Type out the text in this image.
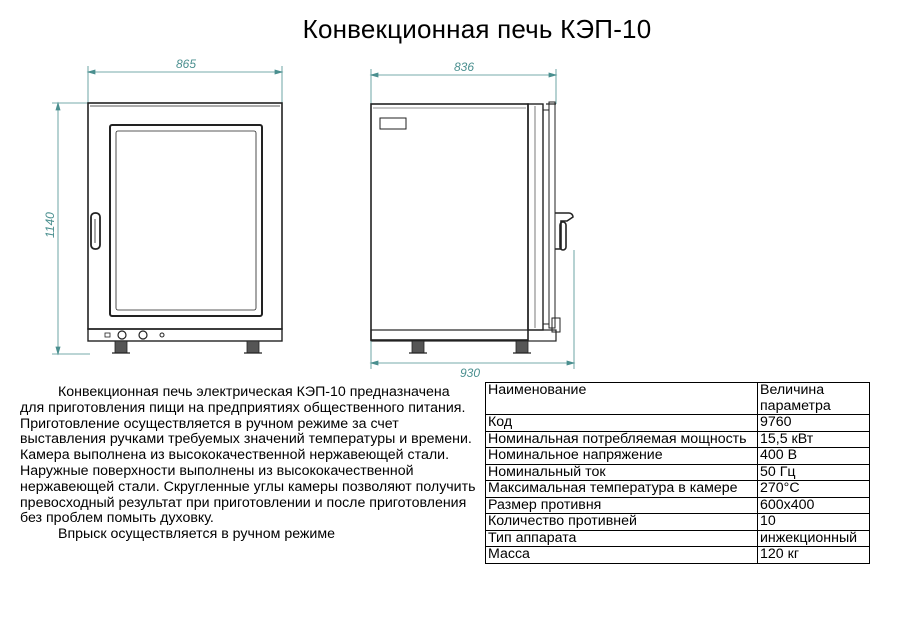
Конвекционная печь КЭП-10
865
1140
836
930

Конвекционная печь электрическая КЭП-10 предназначена для приготовления пищи на предприятиях общественного питания. Приготовление осуществляется в ручном режиме за счет выставления ручками требуемых значений температуры и времени. Камера выполнена из высококачественной нержавеющей стали. Наружные поверхности выполнены из высококачественной нержавеющей стали. Скругленные углы камеры позволяют получить превосходный результат при приготовлении и после приготовления без проблем помыть духовку.

Впрыск осуществляется в ручном режиме

Наименование	Величина параметра
Код	9760
Номинальная потребляемая мощность	15,5 кВт
Номинальное напряжение	400 В
Номинальный ток	50 Гц
Максимальная температура в камере	270°С
Размер противня	600х400
Количество противней	10
Тип аппарата	инжекционный
Масса	120 кг
